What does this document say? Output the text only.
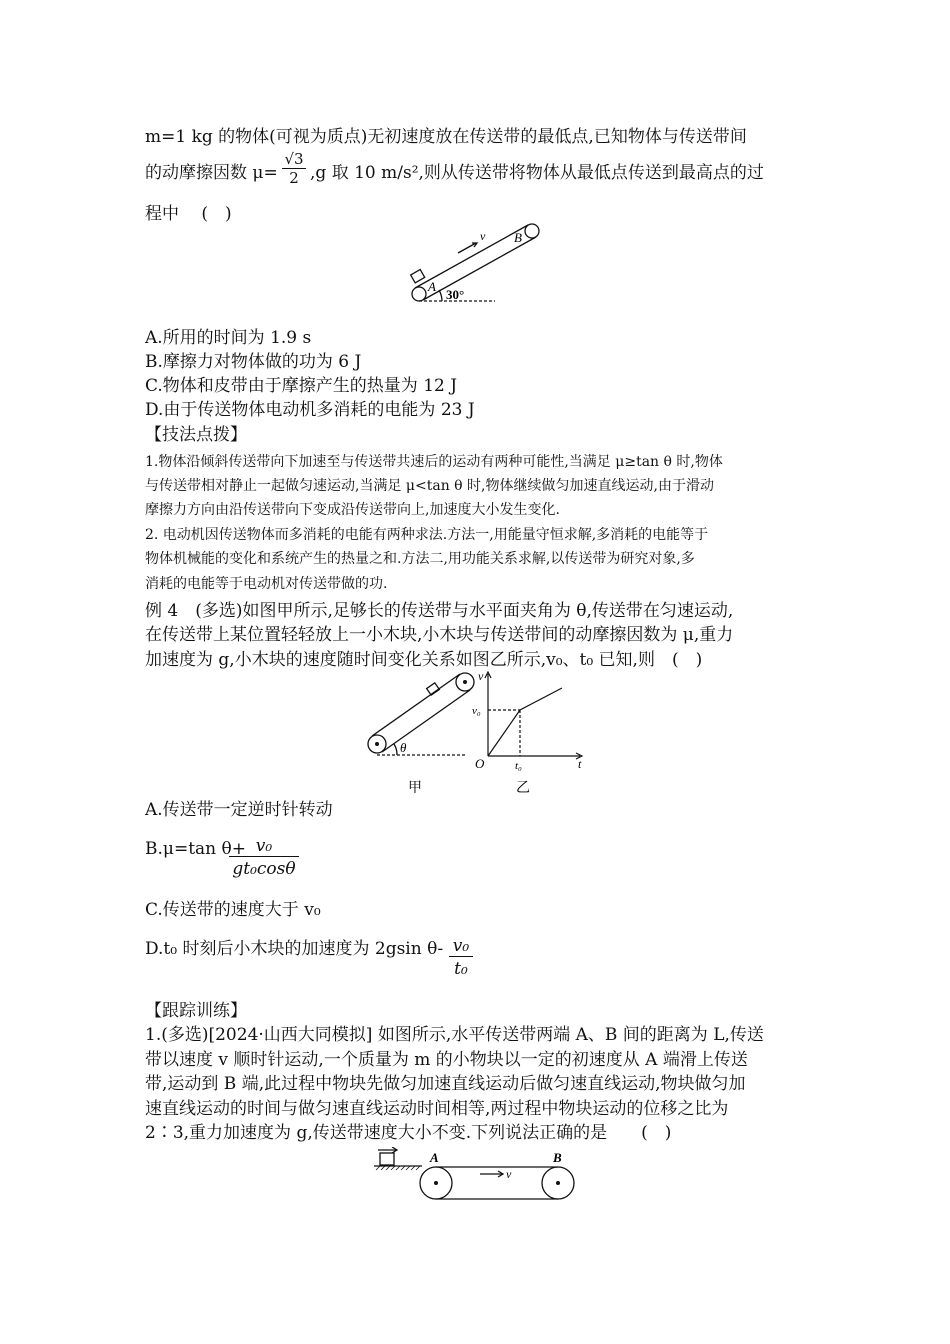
m=1 kg 的物体(可视为质点)无初速度放在传送带的最低点,已知物体与传送带间
的动摩擦因数 $\mu= \frac{√3}{2} ,g$ 取 10 m/s²,则从传送带将物体从最低点传送到最高点的过
程中　 (　)
v B
A
30°
A.所用的时间为 1.9 s
B.摩擦力对物体做的功为 6 J
C.物体和皮带由于摩擦产生的热量为 12 J
D.由于传送物体电动机多消耗的电能为 23 J
【技法点拨】
1.物体沿倾斜传送带向下加速至与传送带共速后的运动有两种可能性,当满足 μ≥tan θ 时,物体
与传送带相对静止一起做匀速运动,当满足 μ<tan θ 时,物体继续做匀加速直线运动,由于滑动
摩擦力方向由沿传送带向下变成沿传送带向上,加速度大小发生变化.
2. 电动机因传送物体而多消耗的电能有两种求法.方法一,用能量守恒求解,多消耗的电能等于
物体机械能的变化和系统产生的热量之和.方法二,用功能关系求解,以传送带为研究对象,多
消耗的电能等于电动机对传送带做的功.
例 4　(多选)如图甲所示,足够长的传送带与水平面夹角为 θ,传送带在匀速运动,
在传送带上某位置轻轻放上一小木块,小木块与传送带间的动摩擦因数为 μ,重力
加速度为 g,小木块的速度随时间变化关系如图乙所示,v₀、t₀ 已知,则　(　)
θ
甲
v
t
O
v₀
t₀
乙
A.传送带一定逆时针转动
B.μ=tan θ+
$\frac{\text{v₀}}{\text{gt₀cosθ}}$
C.传送带的速度大于 v₀
D.t₀ 时刻后小木块的加速度为 2gsin $\theta- \frac{\text{v₀}}{\text{t₀}}$
【跟踪训练】
1.(多选)[2024·山西大同模拟] 如图所示,水平传送带两端 A、B 间的距离为 L,传送
带以速度 v 顺时针运动,一个质量为 m 的小物块以一定的初速度从 A 端滑上传送
带,运动到 B 端,此过程中物块先做匀加速直线运动后做匀速直线运动,物块做匀加
速直线运动的时间与做匀速直线运动时间相等,两过程中物块运动的位移之比为
2∶3,重力加速度为 g,传送带速度大小不变.下列说法正确的是　　(　)
A	B
v
